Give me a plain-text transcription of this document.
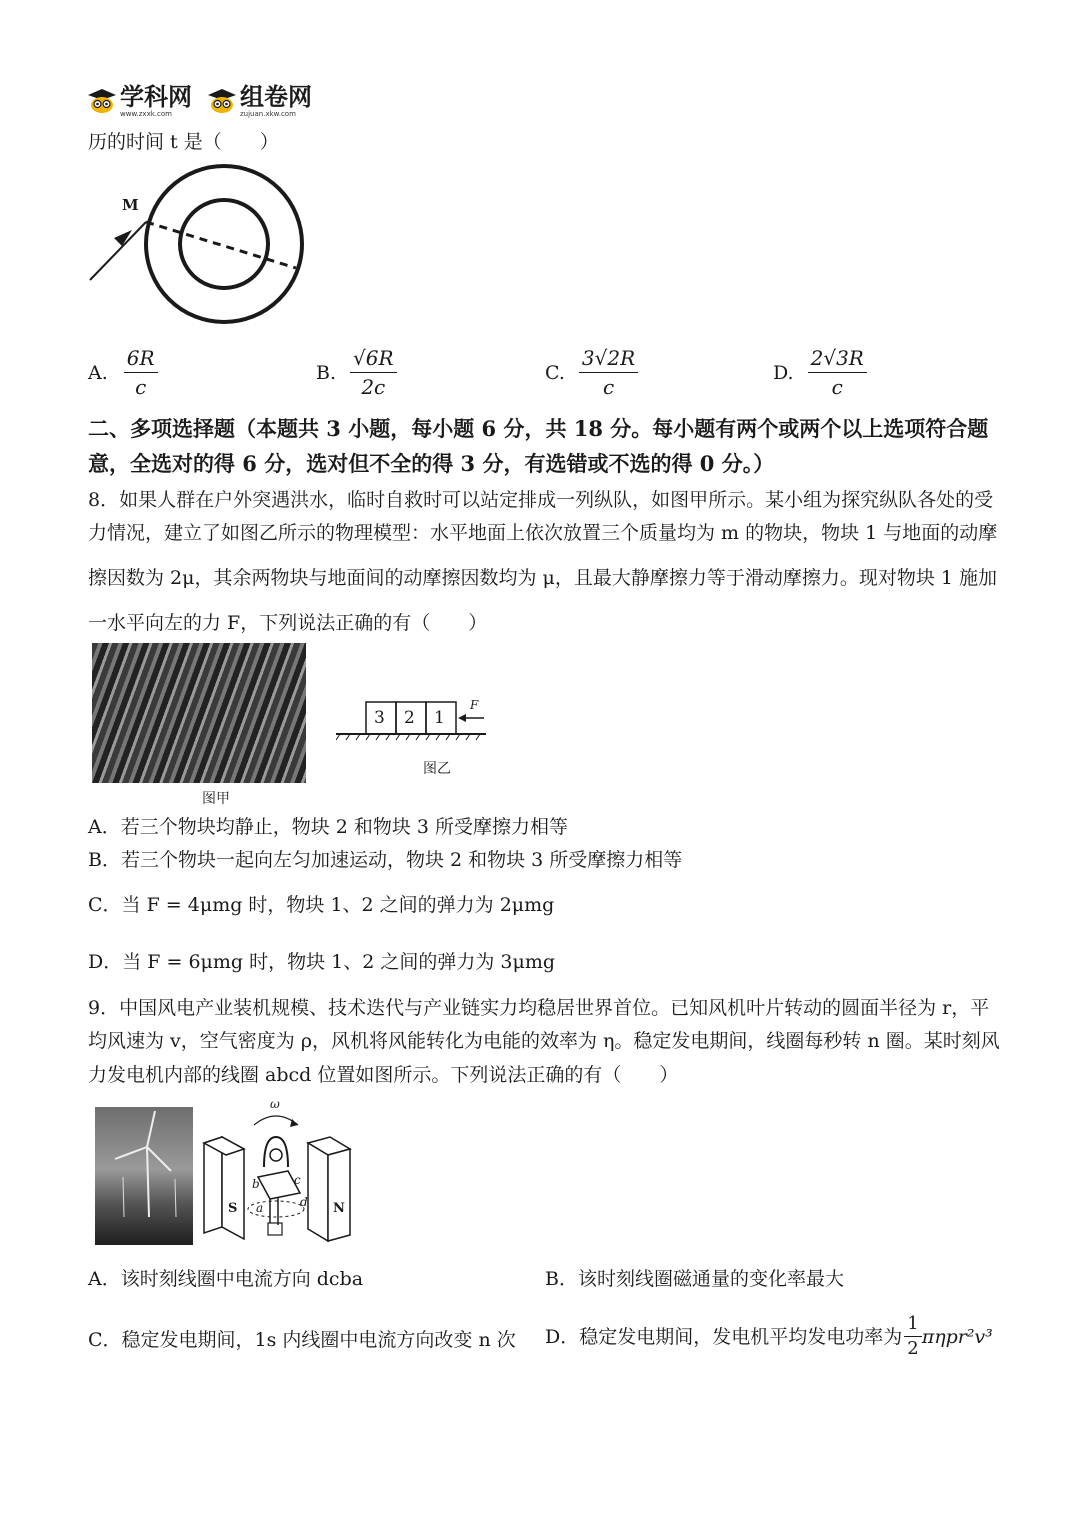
学科网
www.zxxk.com
组卷网
zujuan.xkw.com
历的时间 t 是（　　）
M
A. $\frac{6R}{c}$	B. $\frac{√6R}{2c}$	C. $\frac{3√2R}{c}$	D. $\frac{2√3R}{c}$
二、多项选择题（本题共 3 小题，每小题 6 分，共 18 分。每小题有两个或两个以上选项符合题
意，全选对的得 6 分，选对但不全的得 3 分，有选错或不选的得 0 分。）
8．如果人群在户外突遇洪水，临时自救时可以站定排成一列纵队，如图甲所示。某小组为探究纵队各处的受
力情况，建立了如图乙所示的物理模型：水平地面上依次放置三个质量均为 m 的物块，物块 1 与地面的动摩
擦因数为 2μ，其余两物块与地面间的动摩擦因数均为 μ，且最大静摩擦力等于滑动摩擦力。现对物块 1 施加
一水平向左的力 F，下列说法正确的有（　　）
图甲
3 2 1
F
图乙
A．若三个物块均静止，物块 2 和物块 3 所受摩擦力相等
B．若三个物块一起向左匀加速运动，物块 2 和物块 3 所受摩擦力相等
C．当 F = 4μmg 时，物块 1、2 之间的弹力为 2μmg
D．当 F = 6μmg 时，物块 1、2 之间的弹力为 3μmg
9．中国风电产业装机规模、技术迭代与产业链实力均稳居世界首位。已知风机叶片转动的圆面半径为 r，平
均风速为 v，空气密度为 ρ，风机将风能转化为电能的效率为 η。稳定发电期间，线圈每秒转 n 圈。某时刻风
力发电机内部的线圈 abcd 位置如图所示。下列说法正确的有（　　）
ω
S	N
a
b	c
d
A．该时刻线圈中电流方向 dcba	B．该时刻线圈磁通量的变化率最大
C．稳定发电期间，1s 内线圈中电流方向改变 n 次 D．稳定发电期间，发电机平均发电功率为 $\frac{1}{2} \pi\eta pr^2v^3$
